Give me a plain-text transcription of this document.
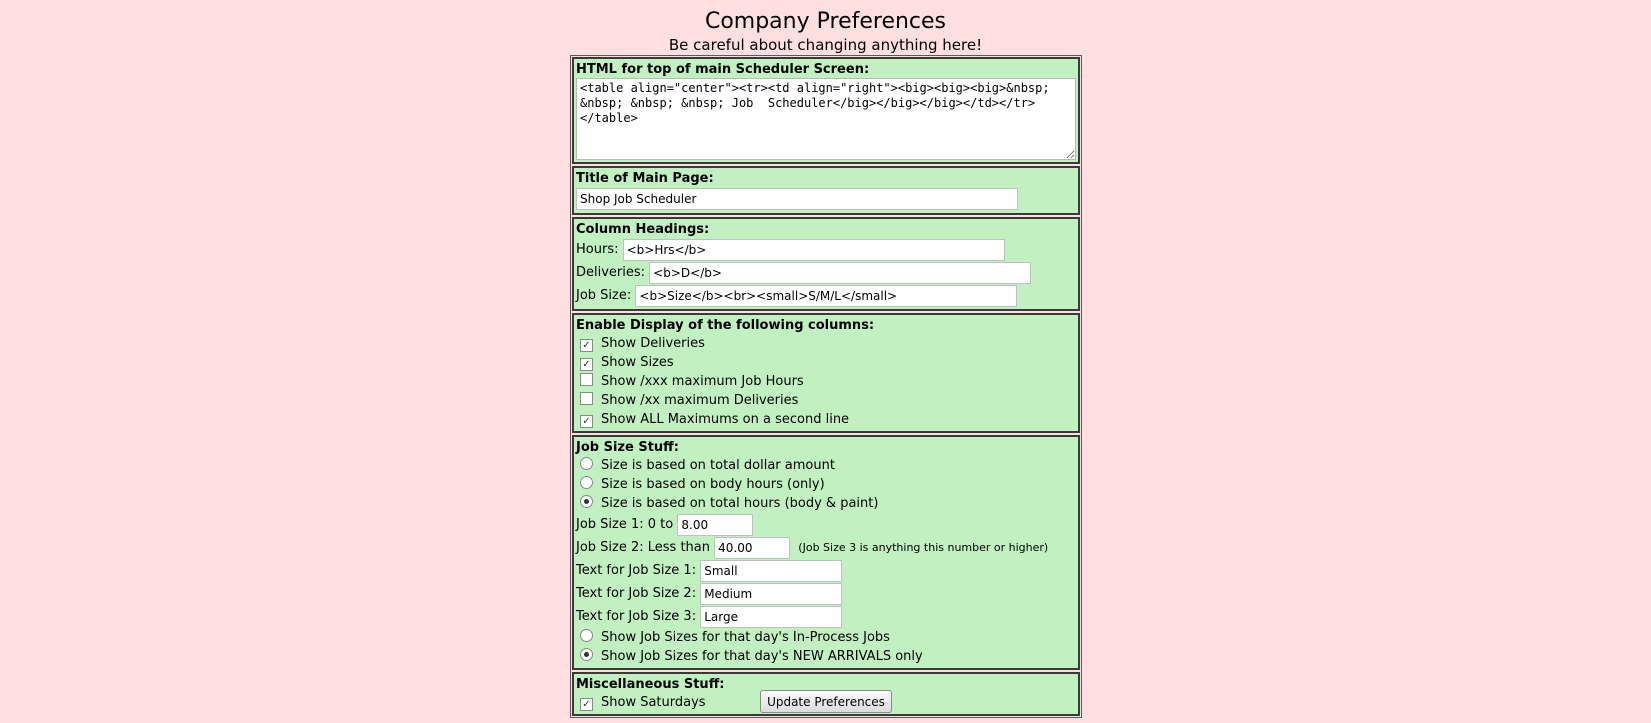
Company Preferences
Be careful about changing anything here!
HTML for top of main Scheduler Screen:
<table align="center"><tr><td align="right"><big><big><big>&nbsp; &nbsp; &nbsp; &nbsp; Job Scheduler</big></big></big></td></tr></table>
Title of Main Page:
Shop Job Scheduler
Column Headings:
Hours: <b>Hrs</b>
Deliveries: <b>D</b>
Job Size: <b>Size</b><br><small>S/M/L</small>
Enable Display of the following columns:
✓ Show Deliveries
✓ Show Sizes
Show /xxx maximum Job Hours
Show /xx maximum Deliveries
✓ Show ALL Maximums on a second line
Job Size Stuff:
Size is based on total dollar amount
Size is based on body hours (only)
Size is based on total hours (body & paint)
Job Size 1: 0 to 8.00
Job Size 2: Less than 40.00	(Job Size 3 is anything this number or higher)
Text for Job Size 1: Small
Text for Job Size 2: Medium
Text for Job Size 3: Large
Show Job Sizes for that day's In-Process Jobs
Show Job Sizes for that day's NEW ARRIVALS only
Miscellaneous Stuff:
✓ Show Saturdays	Update Preferences
